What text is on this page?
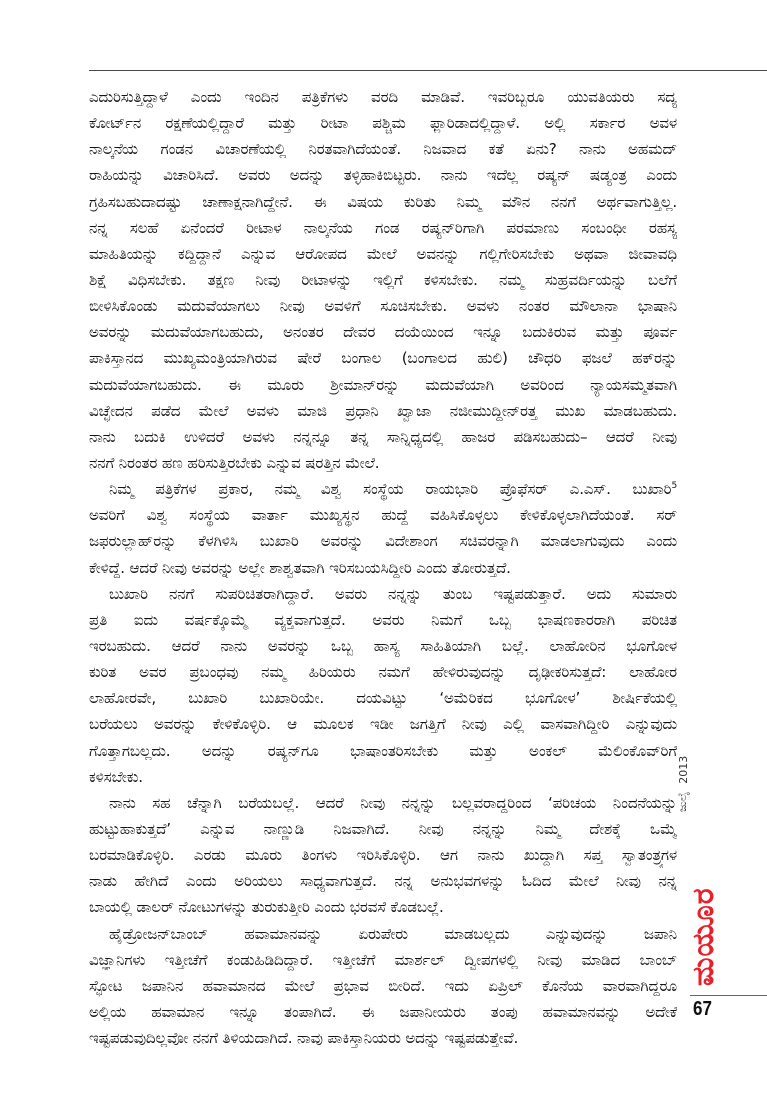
ಎದುರಿಸುತ್ತಿದ್ದಾಳೆ ಎಂದು ಇಂದಿನ ಪತ್ರಿಕೆಗಳು ವರದಿ ಮಾಡಿವೆ. ಇವರಿಬ್ಬರೂ ಯುವತಿಯರು ಸದ್ಯ
ಕೋರ್ಟ್‌ನ ರಕ್ಷಣೆಯಲ್ಲಿದ್ದಾರೆ ಮತ್ತು ರೀಟಾ ಪಶ್ಚಿಮ ಫ್ಲಾರಿಡಾದಲ್ಲಿದ್ದಾಳೆ. ಅಲ್ಲಿ ಸರ್ಕಾರ ಅವಳ
ನಾಲ್ಕನೆಯ ಗಂಡನ ವಿಚಾರಣೆಯಲ್ಲಿ ನಿರತವಾಗಿದೆಯಂತೆ. ನಿಜವಾದ ಕತೆ ಏನು? ನಾನು ಅಹಮದ್
ರಾಹಿಯನ್ನು ವಿಚಾರಿಸಿದೆ. ಅವರು ಅದನ್ನು ತಳ್ಳಿಹಾಕಿಬಿಟ್ಟರು. ನಾನು ಇದೆಲ್ಲ ರಷ್ಯನ್ ಷಡ್ಯಂತ್ರ ಎಂದು
ಗ್ರಹಿಸಬಹುದಾದಷ್ಟು ಚಾಣಾಕ್ಷನಾಗಿದ್ದೇನೆ. ಈ ವಿಷಯ ಕುರಿತು ನಿಮ್ಮ ಮೌನ ನನಗೆ ಅರ್ಥವಾಗುತ್ತಿಲ್ಲ.
ನನ್ನ ಸಲಹೆ ಏನೆಂದರೆ ರೀಟಾಳ ನಾಲ್ಕನೆಯ ಗಂಡ ರಷ್ಯನ್‌ರಿಗಾಗಿ ಪರಮಾಣು ಸಂಬಂಧೀ ರಹಸ್ಯ
ಮಾಹಿತಿಯನ್ನು ಕದ್ದಿದ್ದಾನೆ ಎನ್ನುವ ಆರೋಪದ ಮೇಲೆ ಅವನನ್ನು ಗಲ್ಲಿಗೇರಿಸಬೇಕು ಅಥವಾ ಜೀವಾವಧಿ
ಶಿಕ್ಷೆ ವಿಧಿಸಬೇಕು. ತಕ್ಷಣ ನೀವು ರೀಟಾಳನ್ನು ಇಲ್ಲಿಗೆ ಕಳಿಸಬೇಕು. ನಮ್ಮ ಸುಹ್ರವರ್ದಿಯನ್ನು ಬಲೆಗೆ
ಬೀಳಿಸಿಕೊಂಡು ಮದುವೆಯಾಗಲು ನೀವು ಅವಳಿಗೆ ಸೂಚಿಸಬೇಕು. ಅವಳು ನಂತರ ಮೌಲಾನಾ ಭಾಷಾನಿ
ಅವರನ್ನು ಮದುವೆಯಾಗಬಹುದು, ಅನಂತರ ದೇವರ ದಯೆಯಿಂದ ಇನ್ನೂ ಬದುಕಿರುವ ಮತ್ತು ಪೂರ್ವ
ಪಾಕಿಸ್ತಾನದ ಮುಖ್ಯಮಂತ್ರಿಯಾಗಿರುವ ಷೇರೆ ಬಂಗಾಲ (ಬಂಗಾಲದ ಹುಲಿ) ಚೌಧರಿ ಫಜಲೆ ಹಕ್‌ರನ್ನು
ಮದುವೆಯಾಗಬಹುದು. ಈ ಮೂರು ಶ್ರೀಮಾನ್‌ರನ್ನು ಮದುವೆಯಾಗಿ ಅವರಿಂದ ನ್ಯಾಯಸಮ್ಮತವಾಗಿ
ವಿಚ್ಛೇದನ ಪಡೆದ ಮೇಲೆ ಅವಳು ಮಾಜಿ ಪ್ರಧಾನಿ ಖ್ವಾಜಾ ನಜೀಮುದ್ದೀನ್‌ರತ್ತ ಮುಖ ಮಾಡಬಹುದು.
ನಾನು ಬದುಕಿ ಉಳಿದರೆ ಅವಳು ನನ್ನನ್ನೂ ತನ್ನ ಸಾನ್ನಿಧ್ಯದಲ್ಲಿ ಹಾಜರ ಪಡಿಸಬಹುದು– ಆದರೆ ನೀವು
ನನಗೆ ನಿರಂತರ ಹಣ ಹರಿಸುತ್ತಿರಬೇಕು ಎನ್ನುವ ಷರತ್ತಿನ ಮೇಲೆ.
ನಿಮ್ಮ ಪತ್ರಿಕೆಗಳ ಪ್ರಕಾರ, ನಮ್ಮ ವಿಶ್ವ ಸಂಸ್ಥೆಯ ರಾಯಭಾರಿ ಪ್ರೊಫೆಸರ್ ಎ.ಎಸ್. ಬುಖಾರಿ$^5$
ಅವರಿಗೆ ವಿಶ್ವ ಸಂಸ್ಥೆಯ ವಾರ್ತಾ ಮುಖ್ಯಸ್ಥನ ಹುದ್ದೆ ವಹಿಸಿಕೊಳ್ಳಲು ಕೇಳಿಕೊಳ್ಳಲಾಗಿದೆಯಂತೆ. ಸರ್
ಜಫರುಲ್ಲಾಹ್‌ರನ್ನು ಕೆಳಗಿಳಿಸಿ ಬುಖಾರಿ ಅವರನ್ನು ವಿದೇಶಾಂಗ ಸಚಿವರನ್ನಾಗಿ ಮಾಡಲಾಗುವುದು ಎಂದು
ಕೇಳಿದ್ದೆ. ಆದರೆ ನೀವು ಅವರನ್ನು ಅಲ್ಲೇ ಶಾಶ್ವತವಾಗಿ ಇರಿಸಬಯಸಿದ್ದೀರಿ ಎಂದು ತೋರುತ್ತದೆ.
ಬುಖಾರಿ ನನಗೆ ಸುಪರಿಚಿತರಾಗಿದ್ದಾರೆ. ಅವರು ನನ್ನನ್ನು ತುಂಬ ಇಷ್ಟಪಡುತ್ತಾರೆ. ಅದು ಸುಮಾರು
ಪ್ರತಿ ಐದು ವರ್ಷಕ್ಕೊಮ್ಮೆ ವ್ಯಕ್ತವಾಗುತ್ತದೆ. ಅವರು ನಿಮಗೆ ಒಬ್ಬ ಭಾಷಣಕಾರರಾಗಿ ಪರಿಚಿತ
ಇರಬಹುದು. ಆದರೆ ನಾನು ಅವರನ್ನು ಒಬ್ಬ ಹಾಸ್ಯ ಸಾಹಿತಿಯಾಗಿ ಬಲ್ಲೆ. ಲಾಹೋರಿನ ಭೂಗೋಳ
ಕುರಿತ ಅವರ ಪ್ರಬಂಧವು ನಮ್ಮ ಹಿರಿಯರು ನಮಗೆ ಹೇಳಿರುವುದನ್ನು ದೃಢೀಕರಿಸುತ್ತದೆ: ಲಾಹೋರ
ಲಾಹೋರವೇ, ಬುಖಾರಿ ಬುಖಾರಿಯೇ. ದಯವಿಟ್ಟು ‘ಅಮೆರಿಕದ ಭೂಗೋಳ’ ಶೀರ್ಷಿಕೆಯಲ್ಲಿ
ಬರೆಯಲು ಅವರನ್ನು ಕೇಳಿಕೊಳ್ಳಿರಿ. ಆ ಮೂಲಕ ಇಡೀ ಜಗತ್ತಿಗೆ ನೀವು ಎಲ್ಲಿ ವಾಸವಾಗಿದ್ದೀರಿ ಎನ್ನುವುದು
ಗೊತ್ತಾಗಬಲ್ಲದು. ಅದನ್ನು ರಷ್ಯನ್‌ಗೂ ಭಾಷಾಂತರಿಸಬೇಕು ಮತ್ತು ಅಂಕಲ್ ಮೆಲಿಂಕೊವ್‌ರಿಗೆ
ಕಳಿಸಬೇಕು.
ನಾನು ಸಹ ಚೆನ್ನಾಗಿ ಬರೆಯಬಲ್ಲೆ. ಆದರೆ ನೀವು ನನ್ನನ್ನು ಬಲ್ಲವರಾದ್ದರಿಂದ ‘ಪರಿಚಯ ನಿಂದನೆಯನ್ನು
ಹುಟ್ಟುಹಾಕುತ್ತದೆ’ ಎನ್ನುವ ನಾಣ್ಣುಡಿ ನಿಜವಾಗಿದೆ. ನೀವು ನನ್ನನ್ನು ನಿಮ್ಮ ದೇಶಕ್ಕೆ ಒಮ್ಮೆ
ಬರಮಾಡಿಕೊಳ್ಳಿರಿ. ಎರಡು ಮೂರು ತಿಂಗಳು ಇರಿಸಿಕೊಳ್ಳಿರಿ. ಆಗ ನಾನು ಖುದ್ದಾಗಿ ಸಪ್ತ ಸ್ವಾತಂತ್ರ್ಯಗಳ
ನಾಡು ಹೇಗಿದೆ ಎಂದು ಅರಿಯಲು ಸಾಧ್ಯವಾಗುತ್ತದೆ. ನನ್ನ ಅನುಭವಗಳನ್ನು ಓದಿದ ಮೇಲೆ ನೀವು ನನ್ನ
ಬಾಯಲ್ಲಿ ಡಾಲರ್ ನೋಟುಗಳನ್ನು ತುರುಕುತ್ತೀರಿ ಎಂದು ಭರವಸೆ ಕೊಡಬಲ್ಲೆ.
ಹೈಡ್ರೋಜನ್‌ಬಾಂಬ್ ಹವಾಮಾನವನ್ನು ಏರುಪೇರು ಮಾಡಬಲ್ಲದು ಎನ್ನುವುದನ್ನು ಜಪಾನಿ
ವಿಜ್ಞಾನಿಗಳು ಇತ್ತೀಚೆಗೆ ಕಂಡುಹಿಡಿದಿದ್ದಾರೆ. ಇತ್ತೀಚೆಗೆ ಮಾರ್ಶಲ್ ದ್ವೀಪಗಳಲ್ಲಿ ನೀವು ಮಾಡಿದ ಬಾಂಬ್
ಸ್ಫೋಟ ಜಪಾನಿನ ಹವಾಮಾನದ ಮೇಲೆ ಪ್ರಭಾವ ಬೀರಿದೆ. ಇದು ಏಪ್ರಿಲ್ ಕೊನೆಯ ವಾರವಾಗಿದ್ದರೂ
ಅಲ್ಲಿಯ ಹವಾಮಾನ ಇನ್ನೂ ತಂಪಾಗಿದೆ. ಈ ಜಪಾನೀಯರು ತಂಪು ಹವಾಮಾನವನ್ನು ಅದೇಕೆ
ಇಷ್ಟಪಡುವುದಿಲ್ಲವೋ ನನಗೆ ತಿಳಿಯದಾಗಿದೆ. ನಾವು ಪಾಕಿಸ್ತಾನಿಯರು ಅದನ್ನು ಇಷ್ಟಪಡುತ್ತೇವೆ.
ಜುಲೈ
2013
ಮಯೂರ
67
